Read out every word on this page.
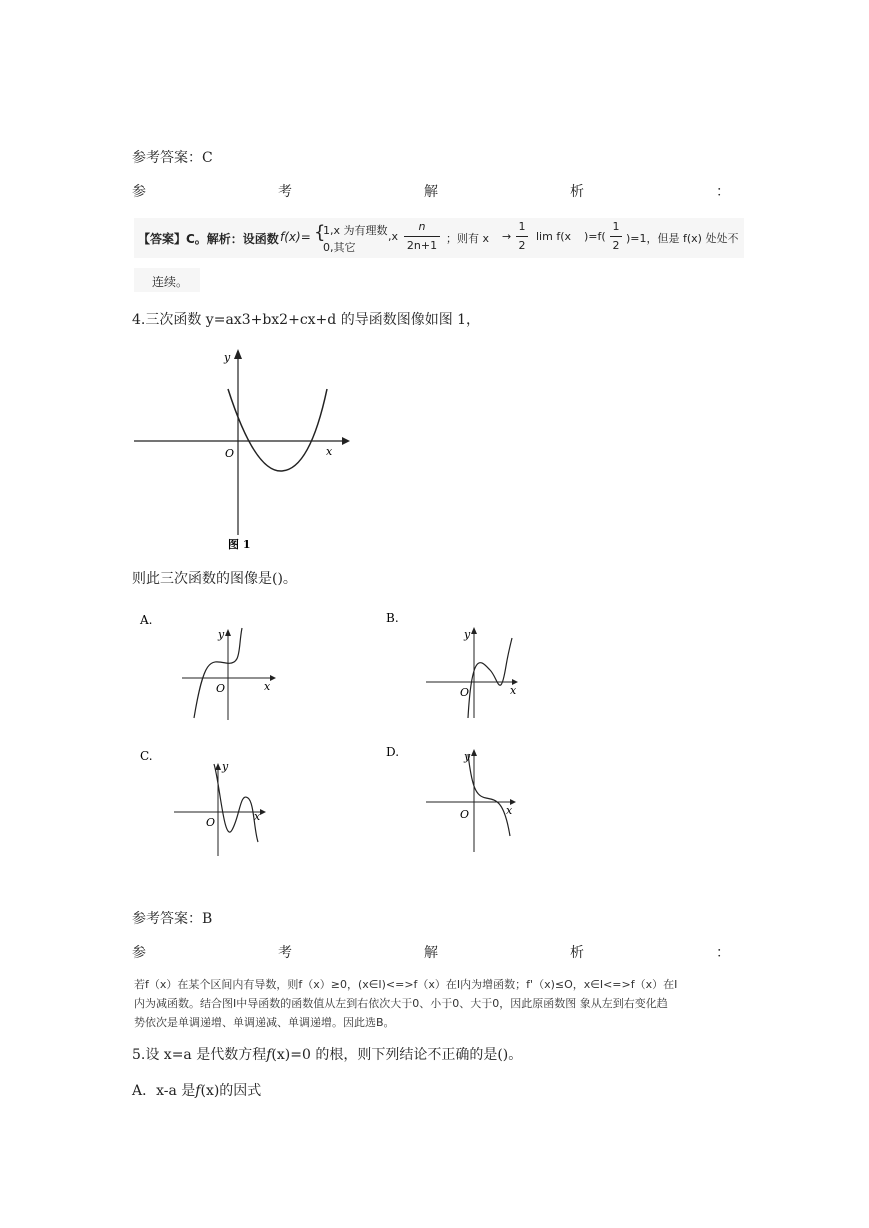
参考答案：C
参	考	解	析	：
【答案】C。解析：设函数 f(x)= {
1,x 为有理数
0,其它
,x
n
2n+1
；则有 x →
1
2
lim f(x )=f(
1
2
)=1，但是 f(x) 处处不
连续。
4.三次函数 y=ax3+bx2+cx+d 的导函数图像如图 1，
y
x
O
图 1
则此三次函数的图像是()。
A.
y
x
O
B.
y
x
O
C.
y
x
O
D.	y
x
O
参考答案：B
参	考	解	析	：
若f（x）在某个区间内有导数，则f（x）≥0，(x∈I)<=>f（x）在I内为增函数；f'（x)≤O，x∈I<=>f（x）在I
内为减函数。结合图I中导函数的函数值从左到右依次大于0、小于0、大于0，因此原函数图 象从左到右变化趋
势依次是单调递增、单调递减、单调递增。因此选B。
5.设 x=a 是代数方程f(x)=0 的根，则下列结论不正确的是()。
A．x-a 是f(x)的因式
